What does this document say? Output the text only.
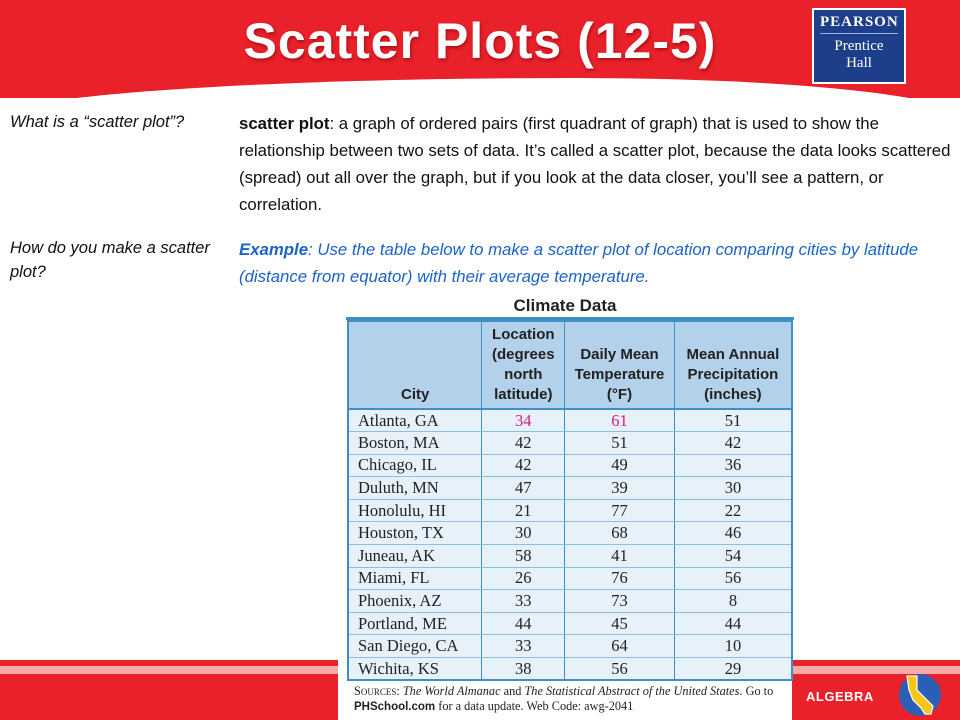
Scatter Plots (12-5)	PEARSON
Prentice
Hall
What is a “scatter plot”?
How do you make a scatter plot?
scatter plot: a graph of ordered pairs (first quadrant of graph) that is used to show the relationship between two sets of data. It’s called a scatter plot, because the data looks scattered (spread) out all over the graph, but if you look at the data closer, you’ll see a pattern, or correlation.
Example: Use the table below to make a scatter plot of location comparing cities by latitude (distance from equator) with their average temperature.
ALGEBRA
Climate Data
City	Location (degrees north latitude)	Daily Mean Temperature (°F)	Mean Annual Precipitation (inches)
Atlanta, GA	34	61	51
Boston, MA	42	51	42
Chicago, IL	42	49	36
Duluth, MN	47	39	30
Honolulu, HI	21	77	22
Houston, TX	30	68	46
Juneau, AK	58	41	54
Miami, FL	26	76	56
Phoenix, AZ	33	73	8
Portland, ME	44	45	44
San Diego, CA	33	64	10
Wichita, KS	38	56	29
Sources: The World Almanac and The Statistical Abstract of the United States. Go to PHSchool.com for a data update. Web Code: awg-2041
